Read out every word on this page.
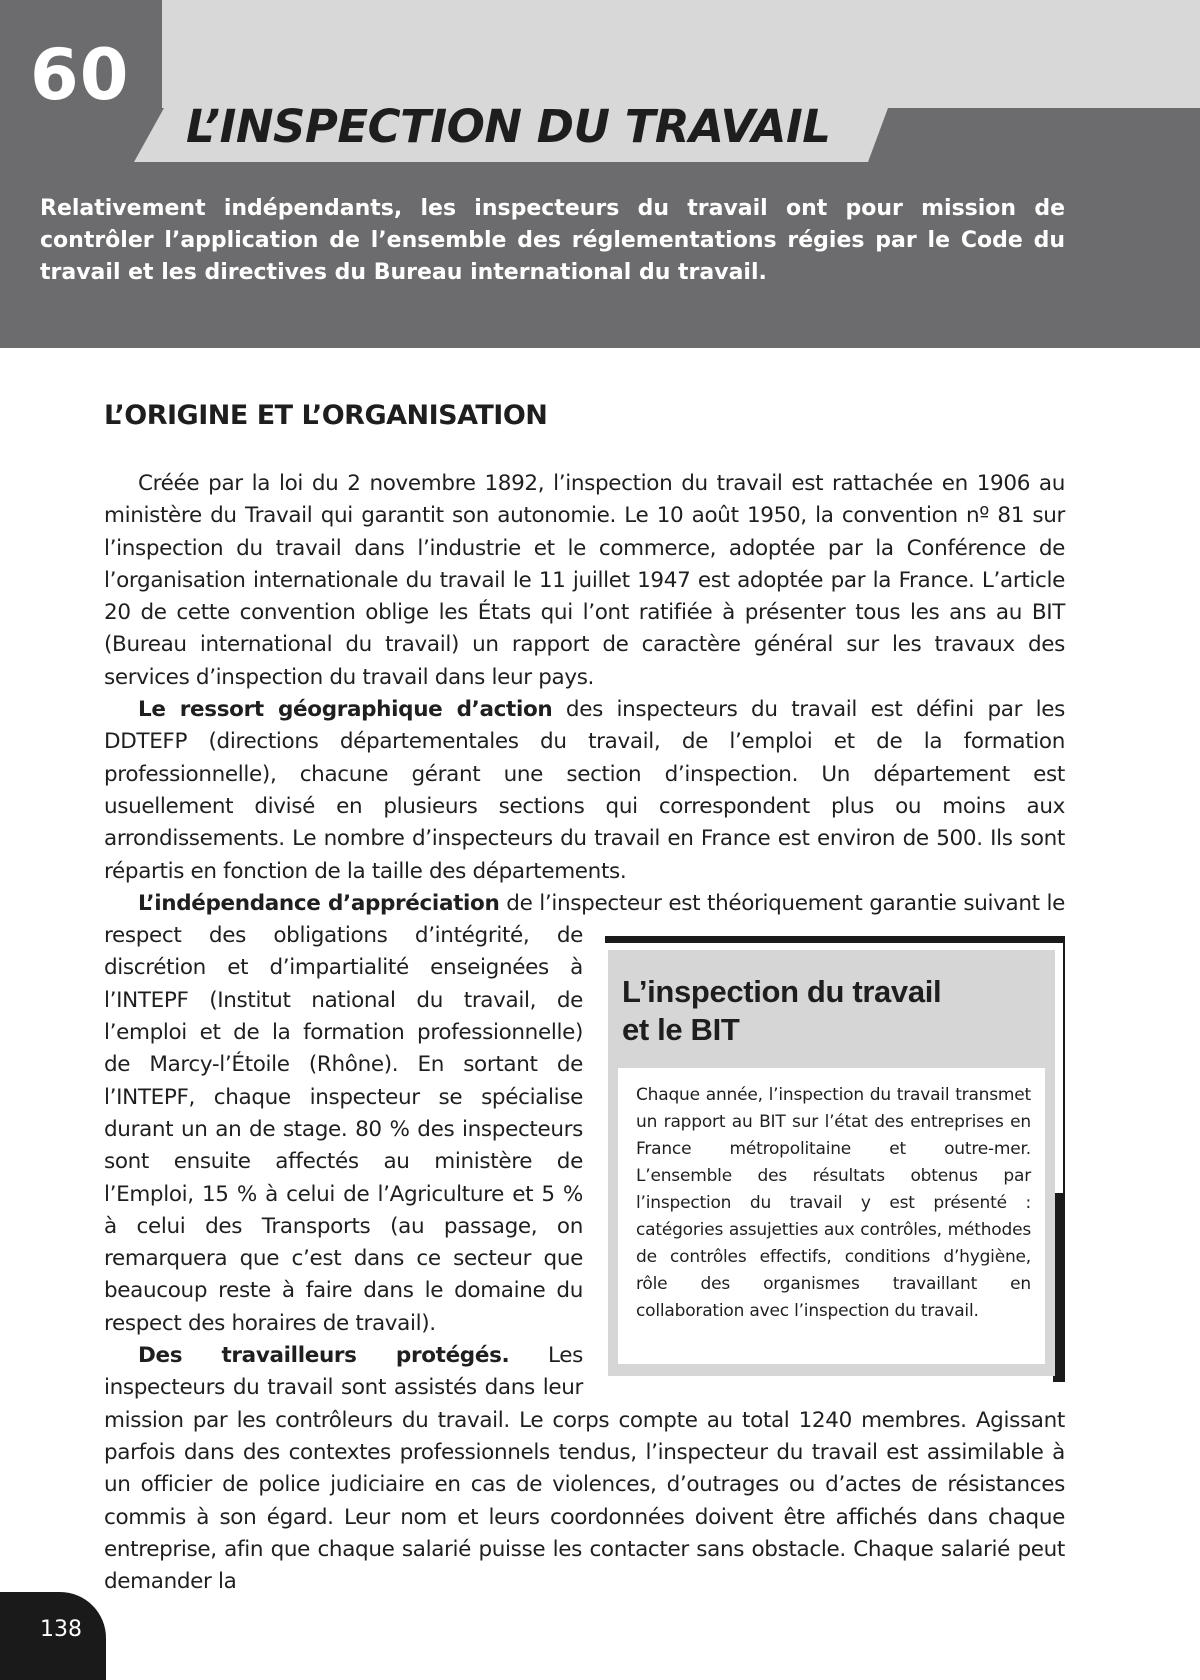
60
L’INSPECTION DU TRAVAIL

Relativement indépendants, les inspecteurs du travail ont pour mission de contrôler l’application de l’ensemble des réglementations régies par le Code du travail et les directives du Bureau international du travail.

L’ORIGINE ET L’ORGANISATION

Créée par la loi du 2 novembre 1892, l’inspection du travail est rattachée en 1906 au ministère du Travail qui garantit son autonomie. Le 10 août 1950, la convention nº 81 sur l’inspection du travail dans l’industrie et le commerce, adoptée par la Conférence de l’organisation internationale du travail le 11 juillet 1947 est adoptée par la France. L’article 20 de cette convention oblige les États qui l’ont ratifiée à présenter tous les ans au BIT (Bureau international du travail) un rapport de caractère général sur les travaux des services d’inspection du travail dans leur pays.

Le ressort géographique d’action des inspecteurs du travail est défini par les DDTEFP (directions départementales du travail, de l’emploi et de la formation professionnelle), chacune gérant une section d’inspection. Un département est usuellement divisé en plusieurs sections qui correspondent plus ou moins aux arrondissements. Le nombre d’inspecteurs du travail en France est environ de 500. Ils sont répartis en fonction de la taille des départements.

L’inspection du travail
et le BIT
Chaque année, l’inspection du travail transmet un rapport au BIT sur l’état des entreprises en France métropolitaine et outre-mer. L’ensemble des résultats obtenus par l’inspection du travail y est présenté : catégories assujetties aux contrôles, méthodes de contrôles effectifs, conditions d’hygiène, rôle des organismes travaillant en collaboration avec l’inspection du travail.

L’indépendance d’appréciation de l’inspecteur est théoriquement garantie suivant le respect des obligations d’intégrité, de discrétion et d’impartialité enseignées à l’INTEPF (Institut national du travail, de l’emploi et de la formation professionnelle) de Marcy-l’Étoile (Rhône). En sortant de l’INTEPF, chaque inspecteur se spécialise durant un an de stage. 80 % des inspecteurs sont ensuite affectés au ministère de l’Emploi, 15 % à celui de l’Agriculture et 5 % à celui des Transports (au passage, on remarquera que c’est dans ce secteur que beaucoup reste à faire dans le domaine du respect des horaires de travail).

Des travailleurs protégés. Les inspecteurs du travail sont assistés dans leur mission par les contrôleurs du travail. Le corps compte au total 1240 membres. Agissant parfois dans des contextes professionnels tendus, l’inspecteur du travail est assimilable à un officier de police judiciaire en cas de violences, d’outrages ou d’actes de résistances commis à son égard. Leur nom et leurs coordonnées doivent être affichés dans chaque entreprise, afin que chaque salarié puisse les contacter sans obstacle. Chaque salarié peut demander la

138
